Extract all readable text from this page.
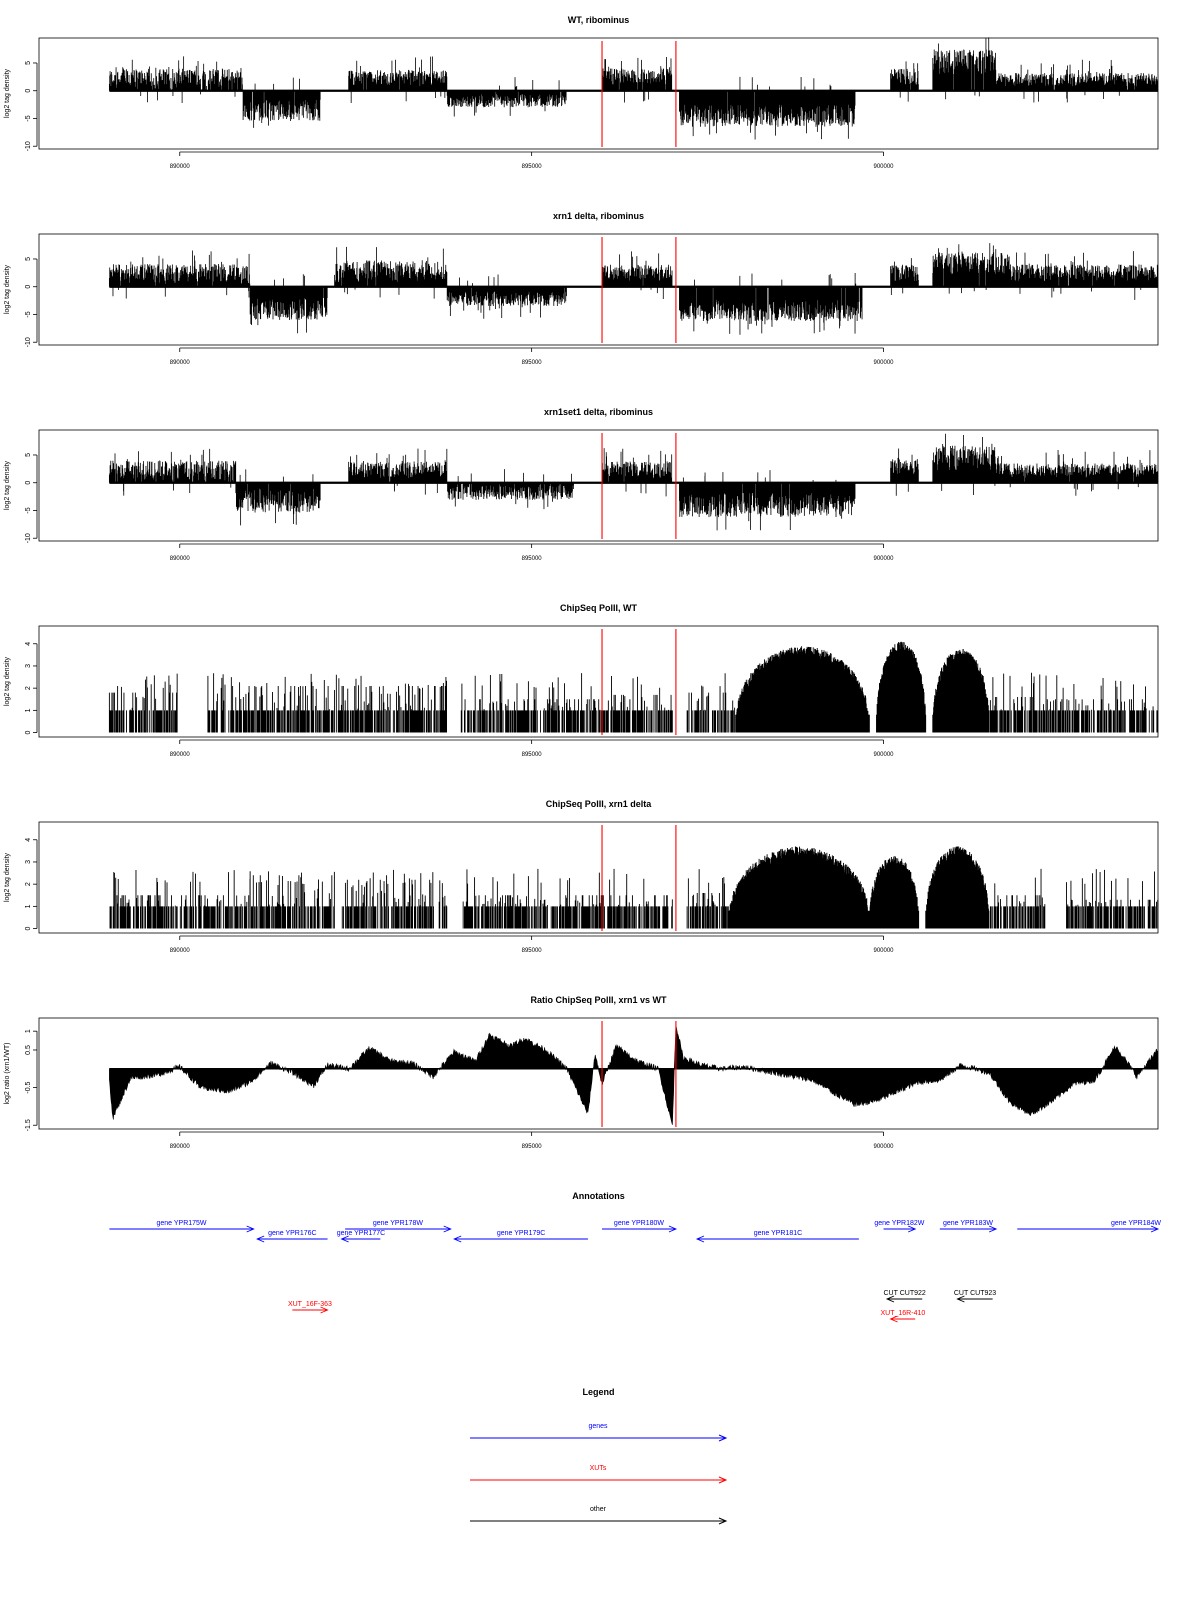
WT, ribominus
log2 tag density
-10
-5
0
5
890000	895000	900000
xrn1 delta, ribominus
log2 tag density
-10
-5
0
5
890000	895000	900000
xrn1set1 delta, ribominus
log2 tag density
-10
-5
0
5
890000	895000	900000
ChipSeq PolII, WT
log2 tag density
0
1
2
3
4
890000	895000	900000
ChipSeq PolII, xrn1 delta
log2 tag density
0
1
2
3
4
890000	895000	900000
Ratio ChipSeq PolII, xrn1 vs WT
log2 ratio (xrn1/WT)
-1.5
-0.5
0.5
1
890000	895000	900000
Annotations
gene YPR175W
gene YPR176C	gene YPR177C
gene YPR178W
gene YPR179C
gene YPR180W
gene YPR181C
gene YPR182W	gene YPR183W	gene YPR184W
XUT_16F-363
CUT CUT922	CUT CUT923
XUT_16R-410
Legend
genes
XUTs
other
